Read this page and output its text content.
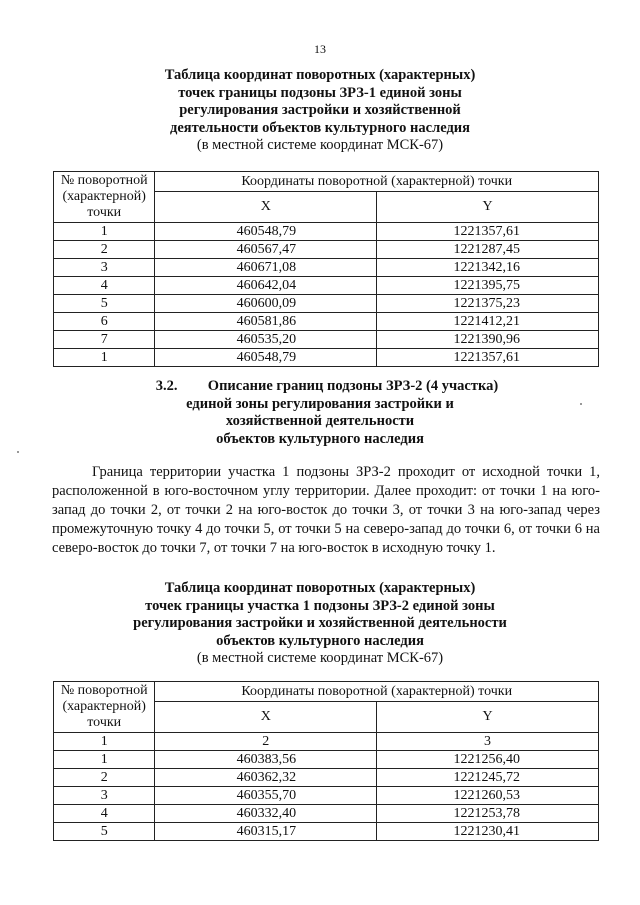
13
Таблица координат поворотных (характерных)
точек границы подзоны ЗРЗ-1 единой зоны
регулирования застройки и хозяйственной
деятельности объектов культурного наследия
(в местной системе координат МСК-67)
№ поворотной (характерной) точки	Координаты поворотной (характерной) точки	
	X	Y
1	460548,79	1221357,61
2	460567,47	1221287,45
3	460671,08	1221342,16
4	460642,04	1221395,75
5	460600,09	1221375,23
6	460581,86	1221412,21
7	460535,20	1221390,96
1	460548,79	1221357,61
3.2. Описание границ подзоны ЗРЗ-2 (4 участка)
единой зоны регулирования застройки и
хозяйственной деятельности
объектов культурного наследия
Граница территории участка 1 подзоны ЗРЗ-2 проходит от исходной точки 1, расположенной в юго-восточном углу территории. Далее проходит: от точки 1 на юго-запад до точки 2, от точки 2 на юго-восток до точки 3, от точки 3 на юго-запад через промежуточную точку 4 до точки 5, от точки 5 на северо-запад до точки 6, от точки 6 на северо-восток до точки 7, от точки 7 на юго-восток в исходную точку 1.
Таблица координат поворотных (характерных)
точек границы участка 1 подзоны ЗРЗ-2 единой зоны
регулирования застройки и хозяйственной деятельности
объектов культурного наследия
(в местной системе координат МСК-67)
№ поворотной (характерной) точки	Координаты поворотной (характерной) точки	
	X	Y
1	2	3
1	460383,56	1221256,40
2	460362,32	1221245,72
3	460355,70	1221260,53
4	460332,40	1221253,78
5	460315,17	1221230,41
